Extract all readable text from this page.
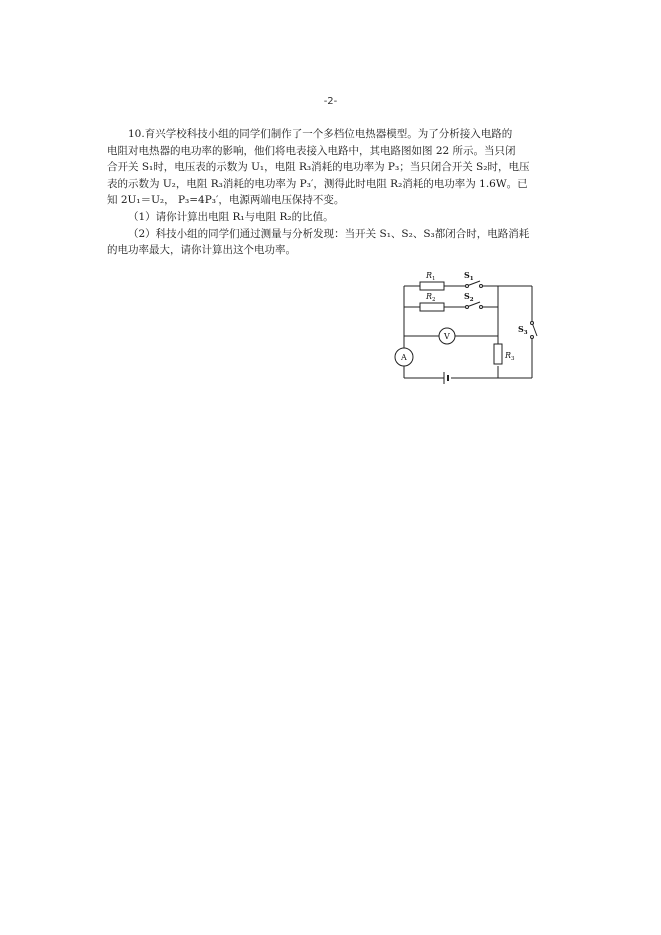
-2-

10.育兴学校科技小组的同学们制作了一个多档位电热器模型。为了分析接入电路的

电阻对电热器的电功率的影响，他们将电表接入电路中，其电路图如图 22 所示。当只闭

合开关 S₁时，电压表的示数为 U₁，电阻 R₃消耗的电功率为 P₃；当只闭合开关 S₂时，电压

表的示数为 U₂，电阻 R₃消耗的电功率为 P₃′，测得此时电阻 R₂消耗的电功率为 1.6W。已

知 2U₁＝U₂， P₃=4P₃′，电源两端电压保持不变。

（1）请你计算出电阻 R₁与电阻 R₂的比值。

（2）科技小组的同学们通过测量与分析发现：当开关 S₁、S₂、S₃都闭合时，电路消耗

的电功率最大，请你计算出这个电功率。

$R_1$	$S_1$
$R_2$	$S_2$
$S_3$
V
A	$R_3$
